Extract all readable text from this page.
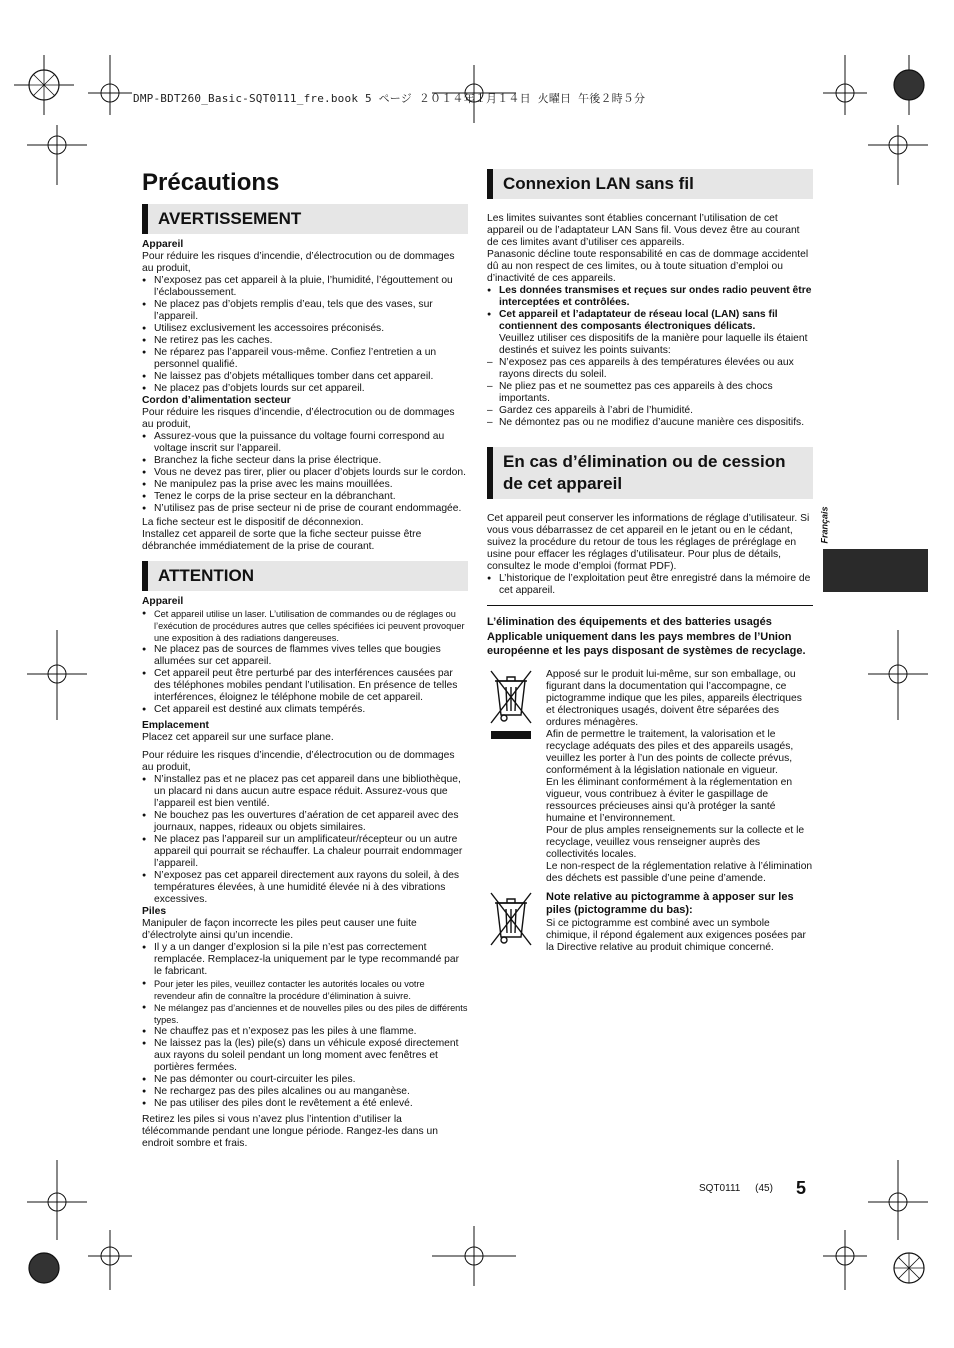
DMP-BDT260_Basic-SQT0111_fre.book 5 ページ ２０１４年１月１４日 火曜日 午後２時５分
Précautions
AVERTISSEMENT

Appareil

Pour réduire les risques d’incendie, d’électrocution ou de dommages au produit,

● N’exposez pas cet appareil à la pluie, l’humidité, l’égouttement ou l’éclaboussement.
● Ne placez pas d’objets remplis d’eau, tels que des vases, sur l’appareil.
● Utilisez exclusivement les accessoires préconisés.
● Ne retirez pas les caches.
● Ne réparez pas l’appareil vous-même. Confiez l’entretien a un personnel qualifié.
● Ne laissez pas d’objets métalliques tomber dans cet appareil.
● Ne placez pas d’objets lourds sur cet appareil.

Cordon d’alimentation secteur

Pour réduire les risques d’incendie, d’électrocution ou de dommages au produit,

● Assurez-vous que la puissance du voltage fourni correspond au voltage inscrit sur l’appareil.
● Branchez la fiche secteur dans la prise électrique.
● Vous ne devez pas tirer, plier ou placer d’objets lourds sur le cordon.
● Ne manipulez pas la prise avec les mains mouillées.
● Tenez le corps de la prise secteur en la débranchant.
● N’utilisez pas de prise secteur ni de prise de courant endommagée.

La fiche secteur est le dispositif de déconnexion.

Installez cet appareil de sorte que la fiche secteur puisse être débranchée immédiatement de la prise de courant.

ATTENTION

Appareil

● Cet appareil utilise un laser. L’utilisation de commandes ou de réglages ou l’exécution de procédures autres que celles spécifiées ici peuvent provoquer une exposition à des radiations dangereuses.
● Ne placez pas de sources de flammes vives telles que bougies allumées sur cet appareil.
● Cet appareil peut être perturbé par des interférences causées par des téléphones mobiles pendant l’utilisation. En présence de telles interférences, éloignez le téléphone mobile de cet appareil.
● Cet appareil est destiné aux climats tempérés.

Emplacement

Placez cet appareil sur une surface plane.

Pour réduire les risques d’incendie, d’électrocution ou de dommages au produit,

● N’installez pas et ne placez pas cet appareil dans une bibliothèque, un placard ni dans aucun autre espace réduit. Assurez-vous que l’appareil est bien ventilé.
● Ne bouchez pas les ouvertures d’aération de cet appareil avec des journaux, nappes, rideaux ou objets similaires.
● Ne placez pas l’appareil sur un amplificateur/récepteur ou un autre appareil qui pourrait se réchauffer. La chaleur pourrait endommager l’appareil.
● N’exposez pas cet appareil directement aux rayons du soleil, à des températures élevées, à une humidité élevée ni à des vibrations excessives.

Piles

Manipuler de façon incorrecte les piles peut causer une fuite d’électrolyte ainsi qu’un incendie.

● Il y a un danger d’explosion si la pile n’est pas correctement remplacée. Remplacez-la uniquement par le type recommandé par le fabricant.
● Pour jeter les piles, veuillez contacter les autorités locales ou votre revendeur afin de connaître la procédure d’élimination à suivre.
● Ne mélangez pas d’anciennes et de nouvelles piles ou des piles de différents types.
● Ne chauffez pas et n’exposez pas les piles à une flamme.
● Ne laissez pas la (les) pile(s) dans un véhicule exposé directement aux rayons du soleil pendant un long moment avec fenêtres et portières fermées.
● Ne pas démonter ou court-circuiter les piles.
● Ne rechargez pas des piles alcalines ou au manganèse.
● Ne pas utiliser des piles dont le revêtement a été enlevé.

Retirez les piles si vous n’avez plus l’intention d’utiliser la télécommande pendant une longue période. Rangez-les dans un endroit sombre et frais.

Connexion LAN sans fil

Les limites suivantes sont établies concernant l’utilisation de cet appareil ou de l’adaptateur LAN Sans fil. Vous devez être au courant de ces limites avant d’utiliser ces appareils.

Panasonic décline toute responsabilité en cas de dommage accidentel dû au non respect de ces limites, ou à toute situation d’emploi ou d’inactivité de ces appareils.

● Les données transmises et reçues sur ondes radio peuvent être interceptées et contrôlées.
● Cet appareil et l’adaptateur de réseau local (LAN) sans fil contiennent des composants électroniques délicats.

Veuillez utiliser ces dispositifs de la manière pour laquelle ils étaient destinés et suivez les points suivants:

– N’exposez pas ces appareils à des températures élevées ou aux rayons directs du soleil.
– Ne pliez pas et ne soumettez pas ces appareils à des chocs importants.
– Gardez ces appareils à l’abri de l’humidité.
– Ne démontez pas ou ne modifiez d’aucune manière ces dispositifs.
En cas d’élimination ou de cession de cet appareil

Cet appareil peut conserver les informations de réglage d’utilisateur. Si vous vous débarrassez de cet appareil en le jetant ou en le cédant, suivez la procédure du retour de tous les réglages de préréglage en usine pour effacer les réglages d’utilisateur. Pour plus de détails, consultez le mode d’emploi (format PDF).

● L’historique de l’exploitation peut être enregistré dans la mémoire de cet appareil.

L’élimination des équipements et des batteries usagés

Applicable uniquement dans les pays membres de l’Union européenne et les pays disposant de systèmes de recyclage.

Apposé sur le produit lui-même, sur son emballage, ou figurant dans la documentation qui l’accompagne, ce pictogramme indique que les piles, appareils électriques et électroniques usagés, doivent être séparées des ordures ménagères.

Afin de permettre le traitement, la valorisation et le recyclage adéquats des piles et des appareils usagés, veuillez les porter à l’un des points de collecte prévus, conformément à la législation nationale en vigueur.

En les éliminant conformément à la réglementation en vigueur, vous contribuez à éviter le gaspillage de ressources précieuses ainsi qu’à protéger la santé humaine et l’environnement.

Pour de plus amples renseignements sur la collecte et le recyclage, veuillez vous renseigner auprès des collectivités locales.

Le non-respect de la réglementation relative à l’élimination des déchets est passible d’une peine d’amende.

Note relative au pictogramme à apposer sur les piles (pictogramme du bas):

Si ce pictogramme est combiné avec un symbole chimique, il répond également aux exigences posées par la Directive relative au produit chimique concerné.

Français
SQT0111 (45) 5
